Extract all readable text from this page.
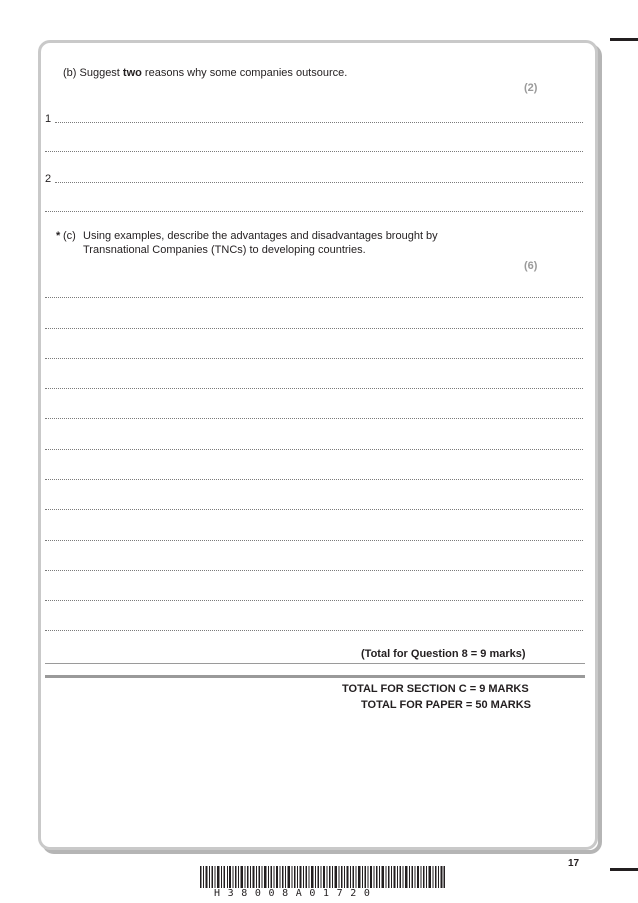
(b) Suggest two reasons why some companies outsource.
(2)
1
2
* (c) Using examples, describe the advantages and disadvantages brought by
Transnational Companies (TNCs) to developing countries.
(6)
(Total for Question 8 = 9 marks)
TOTAL FOR SECTION C = 9 MARKS
TOTAL FOR PAPER = 50 MARKS
17
H38008A01720
